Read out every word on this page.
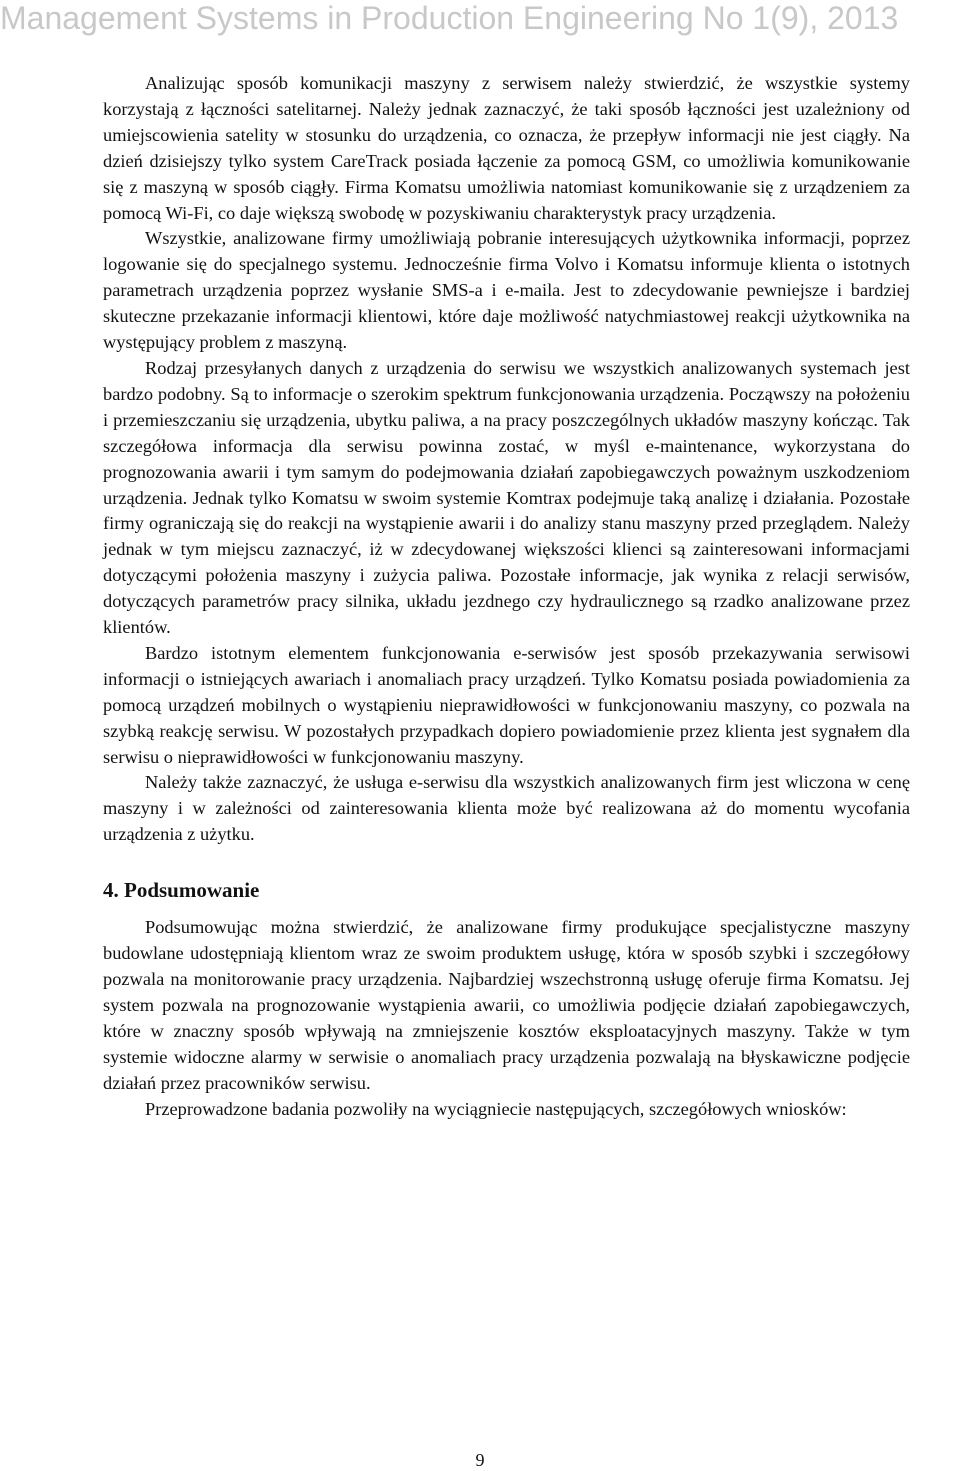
Management Systems in Production Engineering No 1(9), 2013

Analizując sposób komunikacji maszyny z serwisem należy stwierdzić, że wszystkie systemy korzystają z łączności satelitarnej. Należy jednak zaznaczyć, że taki sposób łączności jest uzależniony od umiejscowienia satelity w stosunku do urządzenia, co oznacza, że przepływ informacji nie jest ciągły. Na dzień dzisiejszy tylko system CareTrack posiada łączenie za pomocą GSM, co umożliwia komunikowanie się z maszyną w sposób ciągły. Firma Komatsu umożliwia natomiast komunikowanie się z urządzeniem za pomocą Wi-Fi, co daje większą swobodę w pozyskiwaniu charakterystyk pracy urządzenia.

Wszystkie, analizowane firmy umożliwiają pobranie interesujących użytkownika informacji, poprzez logowanie się do specjalnego systemu. Jednocześnie firma Volvo i Komatsu informuje klienta o istotnych parametrach urządzenia poprzez wysłanie SMS-a i e-maila. Jest to zdecydowanie pewniejsze i bardziej skuteczne przekazanie informacji klientowi, które daje możliwość natychmiastowej reakcji użytkownika na występujący problem z maszyną.

Rodzaj przesyłanych danych z urządzenia do serwisu we wszystkich analizowanych systemach jest bardzo podobny. Są to informacje o szerokim spektrum funkcjonowania urządzenia. Począwszy na położeniu i przemieszczaniu się urządzenia, ubytku paliwa, a na pracy poszczególnych układów maszyny kończąc. Tak szczegółowa informacja dla serwisu powinna zostać, w myśl e-maintenance, wykorzystana do prognozowania awarii i tym samym do podejmowania działań zapobiegawczych poważnym uszkodzeniom urządzenia. Jednak tylko Komatsu w swoim systemie Komtrax podejmuje taką analizę i działania. Pozostałe firmy ograniczają się do reakcji na wystąpienie awarii i do analizy stanu maszyny przed przeglądem. Należy jednak w tym miejscu zaznaczyć, iż w zdecydowanej większości klienci są zainteresowani informacjami dotyczącymi położenia maszyny i zużycia paliwa. Pozostałe informacje, jak wynika z relacji serwisów, dotyczących parametrów pracy silnika, układu jezdnego czy hydraulicznego są rzadko analizowane przez klientów.

Bardzo istotnym elementem funkcjonowania e-serwisów jest sposób przekazywania serwisowi informacji o istniejących awariach i anomaliach pracy urządzeń. Tylko Komatsu posiada powiadomienia za pomocą urządzeń mobilnych o wystąpieniu nieprawidłowości w funkcjonowaniu maszyny, co pozwala na szybką reakcję serwisu. W pozostałych przypadkach dopiero powiadomienie przez klienta jest sygnałem dla serwisu o nieprawidłowości w funkcjonowaniu maszyny.

Należy także zaznaczyć, że usługa e-serwisu dla wszystkich analizowanych firm jest wliczona w cenę maszyny i w zależności od zainteresowania klienta może być realizowana aż do momentu wycofania urządzenia z użytku.

4. Podsumowanie

Podsumowując można stwierdzić, że analizowane firmy produkujące specjalistyczne maszyny budowlane udostępniają klientom wraz ze swoim produktem usługę, która w sposób szybki i szczegółowy pozwala na monitorowanie pracy urządzenia. Najbardziej wszechstronną usługę oferuje firma Komatsu. Jej system pozwala na prognozowanie wystąpienia awarii, co umożliwia podjęcie działań zapobiegawczych, które w znaczny sposób wpływają na zmniejszenie kosztów eksploatacyjnych maszyny. Także w tym systemie widoczne alarmy w serwisie o anomaliach pracy urządzenia pozwalają na błyskawiczne podjęcie działań przez pracowników serwisu.

Przeprowadzone badania pozwoliły na wyciągniecie następujących, szczegółowych wniosków:

9
